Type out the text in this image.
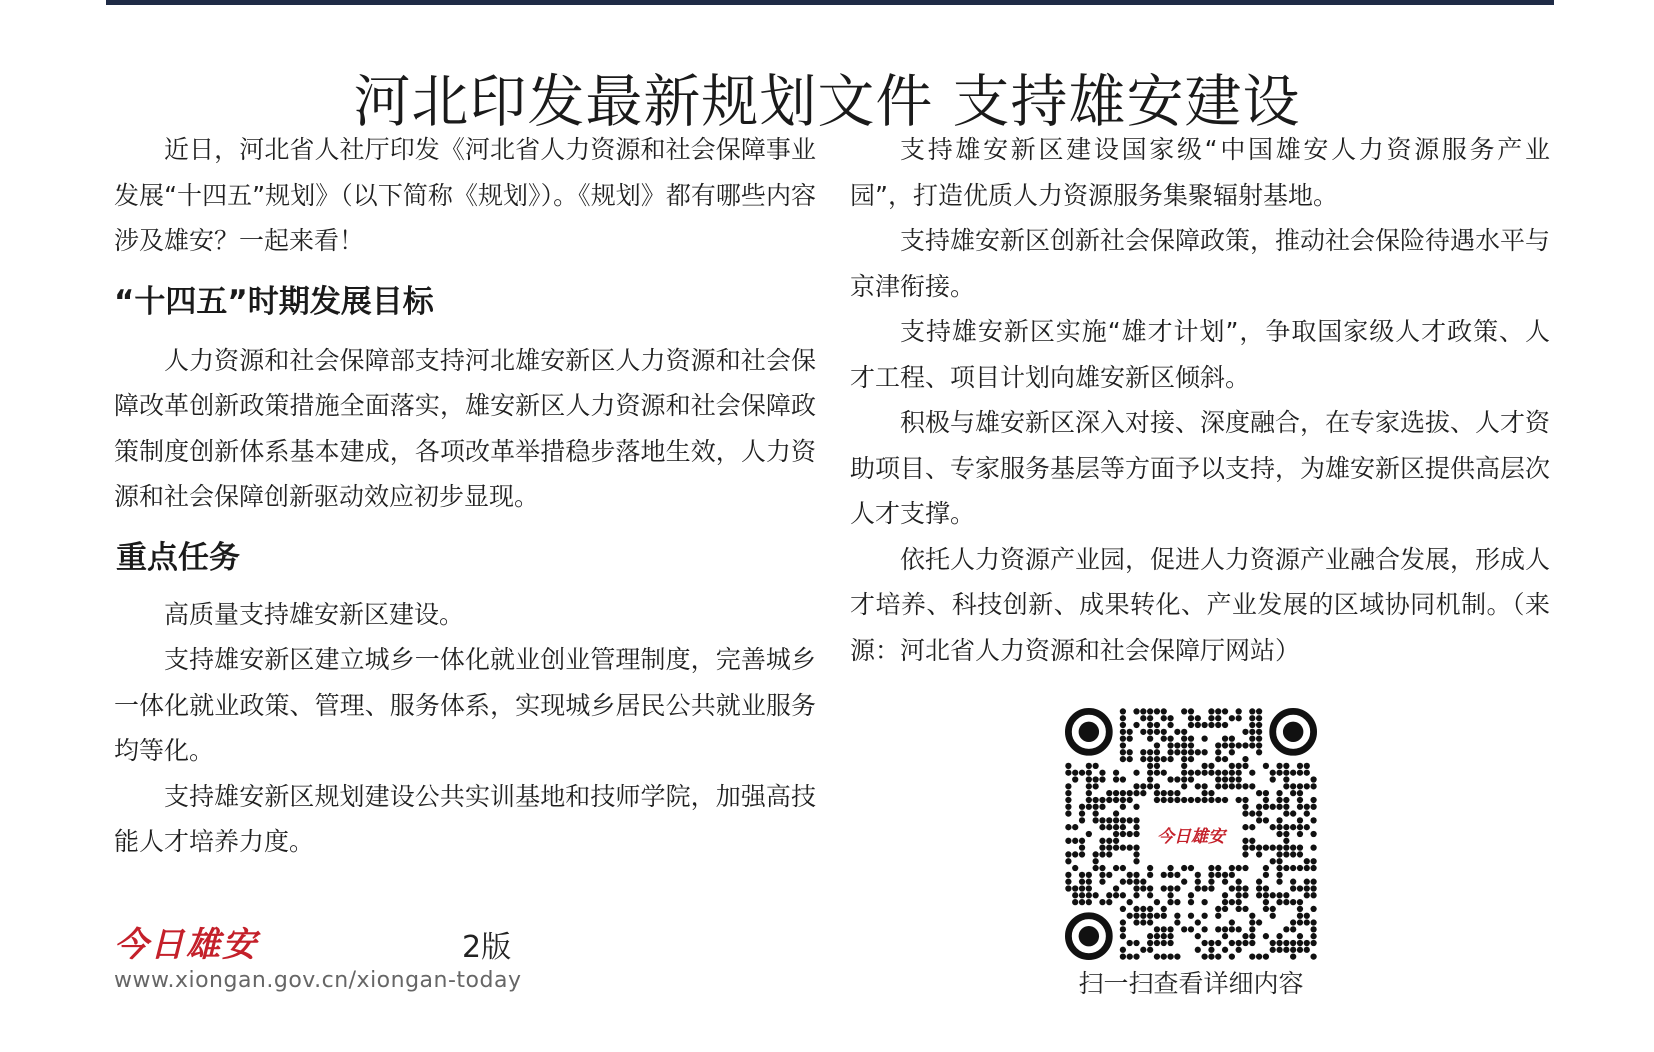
河北印发最新规划文件 支持雄安建设

近日，河北省人社厅印发《河北省人力资源和社会保障事业发展“十四五”规划》（以下简称《规划》）。《规划》都有哪些内容涉及雄安？一起来看！

“十四五”时期发展目标

人力资源和社会保障部支持河北雄安新区人力资源和社会保障改革创新政策措施全面落实，雄安新区人力资源和社会保障政策制度创新体系基本建成，各项改革举措稳步落地生效，人力资源和社会保障创新驱动效应初步显现。

重点任务

高质量支持雄安新区建设。

支持雄安新区建立城乡一体化就业创业管理制度，完善城乡一体化就业政策、管理、服务体系，实现城乡居民公共就业服务均等化。

支持雄安新区规划建设公共实训基地和技师学院，加强高技能人才培养力度。

支持雄安新区建设国家级“中国雄安人力资源服务产业园”，打造优质人力资源服务集聚辐射基地。

支持雄安新区创新社会保障政策，推动社会保险待遇水平与京津衔接。

支持雄安新区实施“雄才计划”，争取国家级人才政策、人才工程、项目计划向雄安新区倾斜。

积极与雄安新区深入对接、深度融合，在专家选拔、人才资助项目、专家服务基层等方面予以支持，为雄安新区提供高层次人才支撑。

依托人力资源产业园，促进人力资源产业融合发展，形成人才培养、科技创新、成果转化、产业发展的区域协同机制。（来源：河北省人力资源和社会保障厅网站）

今日雄安	2版
www.xiongan.gov.cn/xiongan-today
今日雄安
扫一扫查看详细内容
